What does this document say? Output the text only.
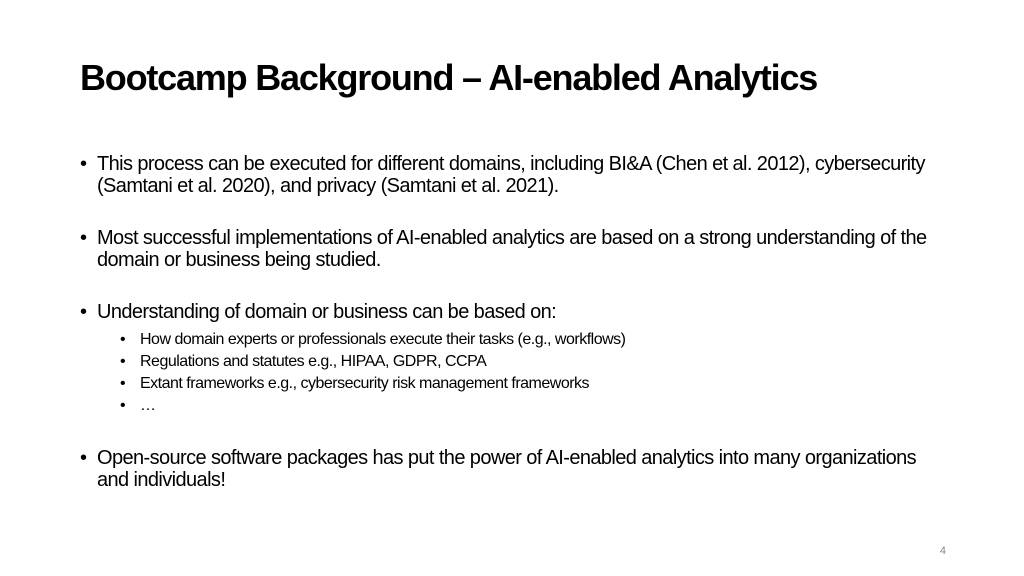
Bootcamp Background – AI-enabled Analytics
• This process can be executed for different domains, including BI&A (Chen et al. 2012), cybersecurity (Samtani et al. 2020), and privacy (Samtani et al. 2021).
• Most successful implementations of AI-enabled analytics are based on a strong understanding of the domain or business being studied.
• Understanding of domain or business can be based on:
• How domain experts or professionals execute their tasks (e.g., workflows)
• Regulations and statutes e.g., HIPAA, GDPR, CCPA
• Extant frameworks e.g., cybersecurity risk management frameworks
• …
• Open-source software packages has put the power of AI-enabled analytics into many organizations and individuals!
4
